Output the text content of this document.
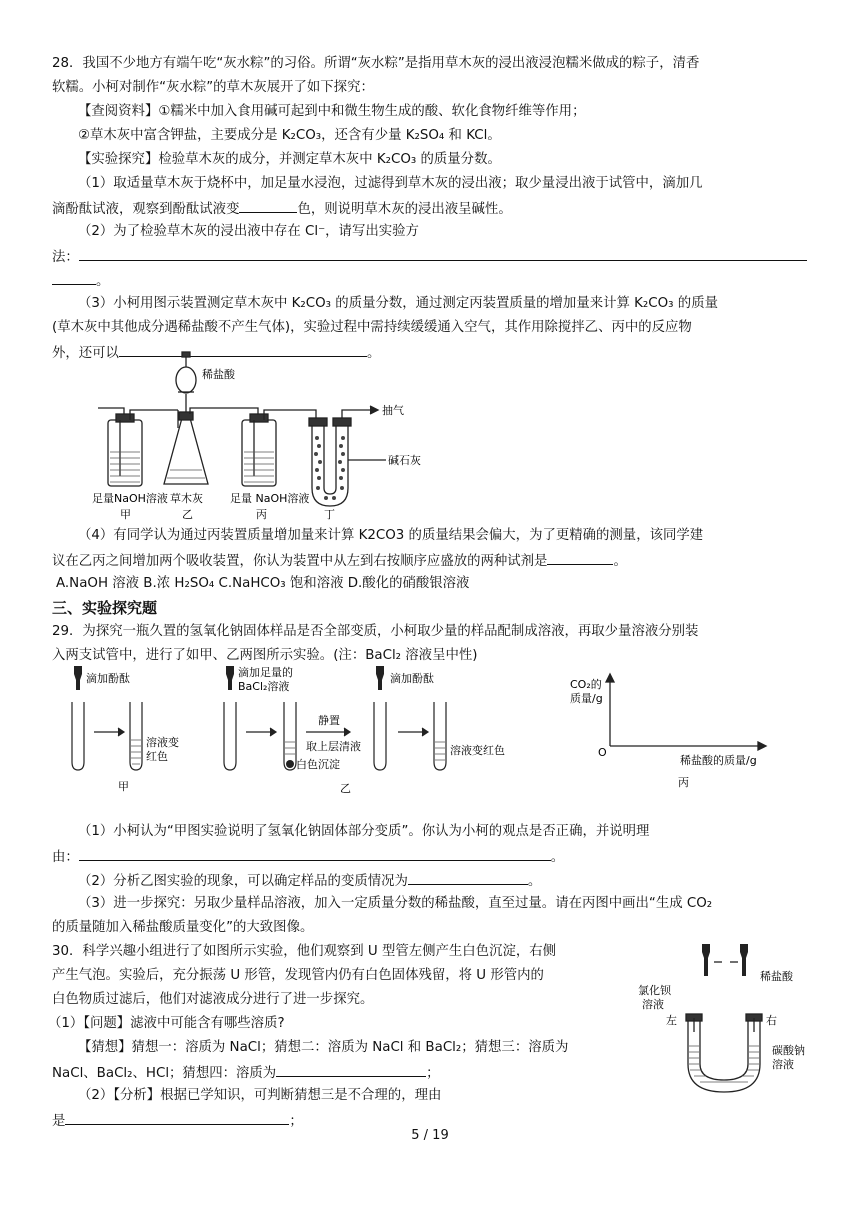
28．我国不少地方有端午吃“灰水粽”的习俗。所谓“灰水粽”是指用草木灰的浸出液浸泡糯米做成的粽子，清香
软糯。小柯对制作“灰水粽”的草木灰展开了如下探究：
【查阅资料】①糯米中加入食用碱可起到中和微生物生成的酸、软化食物纤维等作用；
②草木灰中富含钾盐，主要成分是 K₂CO₃，还含有少量 K₂SO₄ 和 KCl。
【实验探究】检验草木灰的成分，并测定草木灰中 K₂CO₃ 的质量分数。
（1）取适量草木灰于烧杯中，加足量水浸泡，过滤得到草木灰的浸出液；取少量浸出液于试管中，滴加几
滴酚酞试液，观察到酚酞试液变	色，则说明草木灰的浸出液呈碱性。
（2）为了检验草木灰的浸出液中存在 Cl⁻，请写出实验方
法：
。
（3）小柯用图示装置测定草木灰中 K₂CO₃ 的质量分数，通过测定丙装置质量的增加量来计算 K₂CO₃ 的质量
(草木灰中其他成分遇稀盐酸不产生气体)，实验过程中需持续缓缓通入空气，其作用除搅拌乙、丙中的反应物
外，还可以	。
稀盐酸
抽气
碱石灰
足量NaOH溶液
甲
草木灰
乙
足量 NaOH溶液
丙	丁
（4）有同学认为通过丙装置质量增加量来计算 K2CO3 的质量结果会偏大，为了更精确的测量，该同学建
议在乙丙之间增加两个吸收装置，你认为装置中从左到右按顺序应盛放的两种试剂是	。
A.NaOH 溶液 B.浓 H₂SO₄ C.NaHCO₃ 饱和溶液 D.酸化的硝酸银溶液
三、实验探究题
29．为探究一瓶久置的氢氧化钠固体样品是否全部变质，小柯取少量的样品配制成溶液，再取少量溶液分别装
入两支试管中，进行了如甲、乙两图所示实验。(注：BaCl₂ 溶液呈中性)
滴加酚酞
溶液变
红色
甲
滴加足量的
BaCl₂溶液
静置
取上层清液
白色沉淀
滴加酚酞
溶液变红色
乙
CO₂的
质量/g
O
稀盐酸的质量/g
丙
（1）小柯认为“甲图实验说明了氢氧化钠固体部分变质”。你认为小柯的观点是否正确，并说明理
由：	。
（2）分析乙图实验的现象，可以确定样品的变质情况为	。
（3）进一步探究：另取少量样品溶液，加入一定质量分数的稀盐酸，直至过量。请在丙图中画出“生成 CO₂
的质量随加入稀盐酸质量变化”的大致图像。
30．科学兴趣小组进行了如图所示实验，他们观察到 U 型管左侧产生白色沉淀，右侧
产生气泡。实验后，充分振荡 U 形管，发现管内仍有白色固体残留，将 U 形管内的
白色物质过滤后，他们对滤液成分进行了进一步探究。
（1）【问题】滤液中可能含有哪些溶质?
【猜想】猜想一：溶质为 NaCl；猜想二：溶质为 NaCl 和 BaCl₂；猜想三：溶质为
NaCl、BaCl₂、HCl；猜想四：溶质为	；
（2）【分析】根据已学知识，可判断猜想三是不合理的，理由
是	；
氯化钡
溶液
稀盐酸
左	右
碳酸钠
溶液
5 / 19
